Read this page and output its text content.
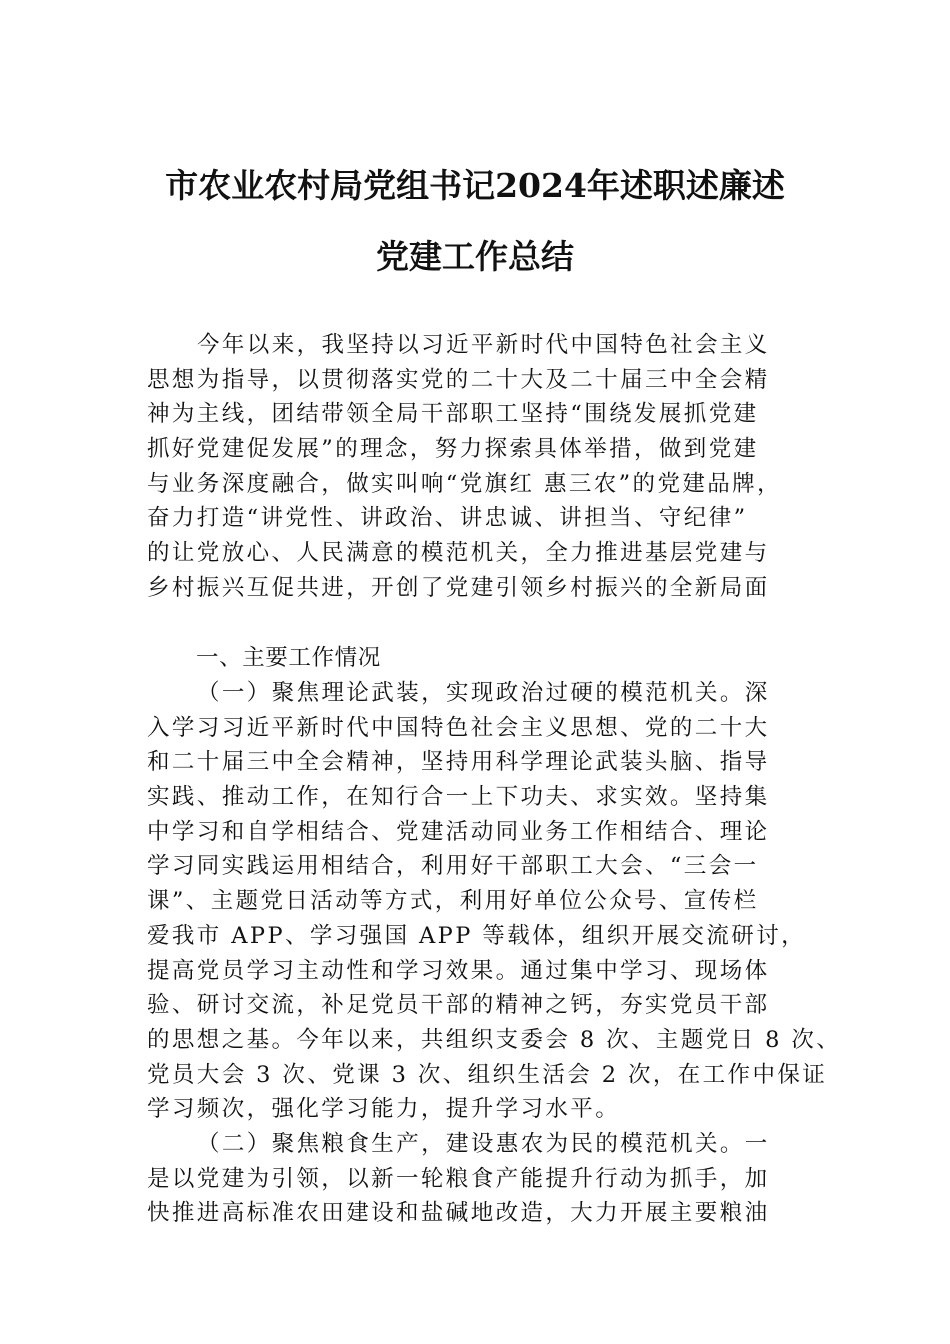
市农业农村局党组书记2024年述职述廉述
党建工作总结
今年以来，我坚持以习近平新时代中国特色社会主义
思想为指导，以贯彻落实党的二十大及二十届三中全会精
神为主线，团结带领全局干部职工坚持“围绕发展抓党建
抓好党建促发展”的理念，努力探索具体举措，做到党建
与业务深度融合，做实叫响“党旗红 惠三农”的党建品牌，
奋力打造“讲党性、讲政治、讲忠诚、讲担当、守纪律”
的让党放心、人民满意的模范机关，全力推进基层党建与
乡村振兴互促共进，开创了党建引领乡村振兴的全新局面
一、主要工作情况
（一）聚焦理论武装，实现政治过硬的模范机关。深
入学习习近平新时代中国特色社会主义思想、党的二十大
和二十届三中全会精神，坚持用科学理论武装头脑、指导
实践、推动工作，在知行合一上下功夫、求实效。坚持集
中学习和自学相结合、党建活动同业务工作相结合、理论
学习同实践运用相结合，利用好干部职工大会、“三会一
课”、主题党日活动等方式，利用好单位公众号、宣传栏
爱我市 APP、学习强国 APP 等载体，组织开展交流研讨，
提高党员学习主动性和学习效果。通过集中学习、现场体
验、研讨交流，补足党员干部的精神之钙，夯实党员干部
的思想之基。今年以来，共组织支委会 8 次、主题党日 8 次、
党员大会 3 次、党课 3 次、组织生活会 2 次，在工作中保证
学习频次，强化学习能力，提升学习水平。
（二）聚焦粮食生产，建设惠农为民的模范机关。一
是以党建为引领，以新一轮粮食产能提升行动为抓手，加
快推进高标准农田建设和盐碱地改造，大力开展主要粮油
